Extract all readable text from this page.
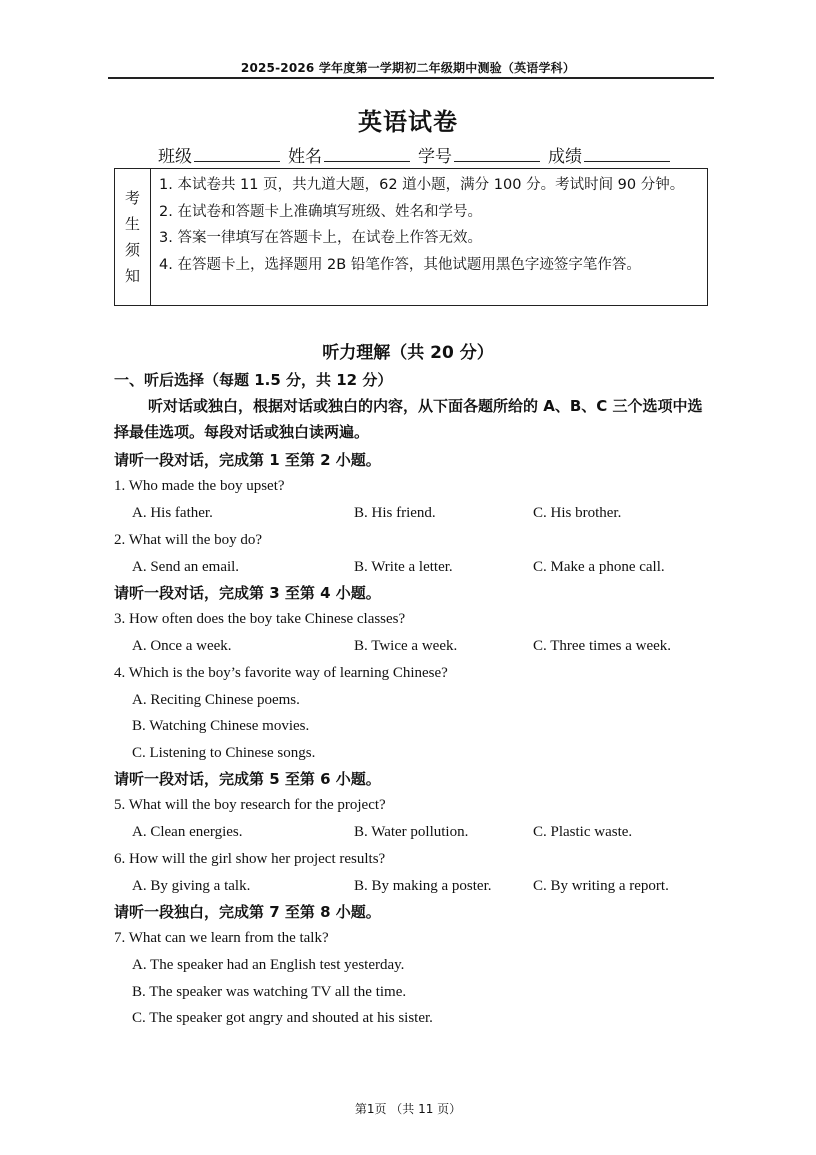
2025-2026 学年度第一学期初二年级期中测验（英语学科）
英语试卷
班级	姓名	学号	成绩
考
生
须
知
1. 本试卷共 11 页，共九道大题，62 道小题，满分 100 分。考试时间 90 分钟。
2. 在试卷和答题卡上准确填写班级、姓名和学号。
3. 答案一律填写在答题卡上，在试卷上作答无效。
4. 在答题卡上，选择题用 2B 铅笔作答，其他试题用黑色字迹签字笔作答。
听力理解（共 20 分）
一、听后选择（每题 1.5 分，共 12 分）
听对话或独白，根据对话或独白的内容，从下面各题所给的 A、B、C 三个选项中选择最佳选项。每段对话或独白读两遍。
请听一段对话，完成第 1 至第 2 小题。
1. Who made the boy upset?
A. His father.	B. His friend.	C. His brother.
2. What will the boy do?
A. Send an email.	B. Write a letter.	C. Make a phone call.
请听一段对话，完成第 3 至第 4 小题。
3. How often does the boy take Chinese classes?
A. Once a week.	B. Twice a week.	C. Three times a week.
4. Which is the boy’s favorite way of learning Chinese?
A. Reciting Chinese poems.
B. Watching Chinese movies.
C. Listening to Chinese songs.
请听一段对话，完成第 5 至第 6 小题。
5. What will the boy research for the project?
A. Clean energies.	B. Water pollution.	C. Plastic waste.
6. How will the girl show her project results?
A. By giving a talk.	B. By making a poster.	C. By writing a report.
请听一段独白，完成第 7 至第 8 小题。
7. What can we learn from the talk?
A. The speaker had an English test yesterday.
B. The speaker was watching TV all the time.
C. The speaker got angry and shouted at his sister.
第1页 （共 11 页）
